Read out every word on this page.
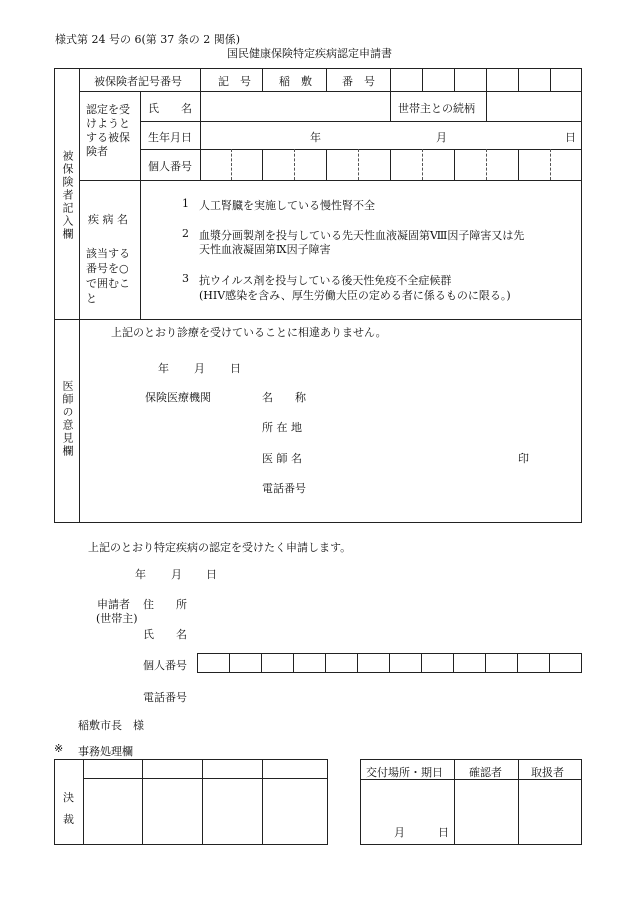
様式第 24 号の 6(第 37 条の 2 関係)
国民健康保険特定疾病認定申請書
被保険者記入欄
被保険者記号番号	記　号	稲　敷	番　号
認定を受けようとする被保険者
氏　　名	世帯主との続柄
生年月日	年	月	日
個人番号
疾 病 名
該当する番号を○で囲むこと
1 人工腎臓を実施している慢性腎不全
2 血漿分画製剤を投与している先天性血液凝固第Ⅷ因子障害又は先
天性血液凝固第Ⅸ因子障害
3 抗ウイルス剤を投与している後天性免疫不全症候群
(HIV感染を含み、厚生労働大臣の定める者に係るものに限る。)
医師の意見欄
上記のとおり診療を受けていることに相違ありません。
年 月 日
保険医療機関	名　　称
所 在 地
医 師 名	印
電話番号
上記のとおり特定疾病の認定を受けたく申請します。
年 月 日
申請者
(世帯主)
住　　所
氏　　名
個人番号
電話番号
稲敷市長　様
※ 事務処理欄
決裁
交付場所・期日 確認者	取扱者
月	日
